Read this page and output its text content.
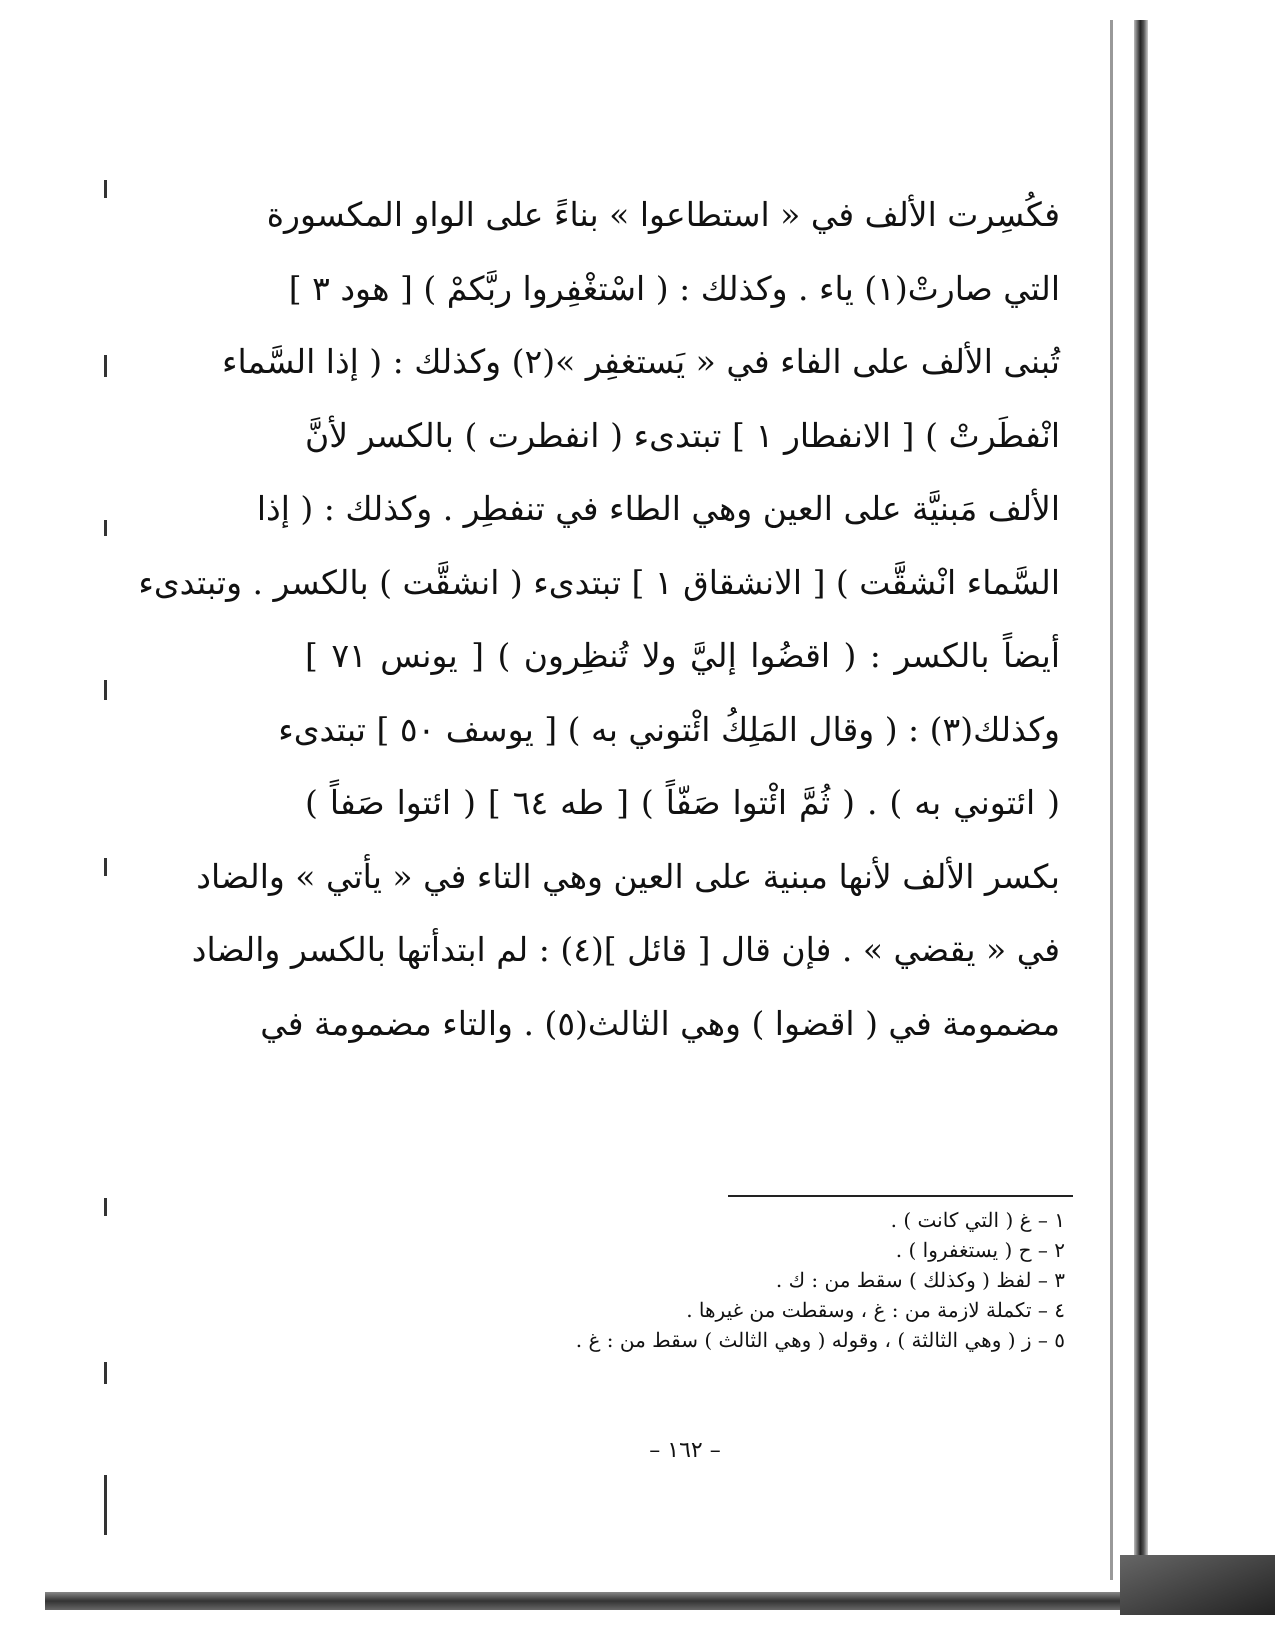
فكُسِرت الألف في « استطاعوا » بناءً على الواو المكسورة
التي صارتْ(١) ياء . وكذلك : ( اسْتغْفِروا ربَّكمْ ) [ هود ٣ ]
تُبنى الألف على الفاء في « يَستغفِر »(٢) وكذلك : ( إذا السَّماء
انْفطَرتْ ) [ الانفطار ١ ] تبتدىء ( انفطرت ) بالكسر لأنَّ
الألف مَبنيَّة على العين وهي الطاء في تنفطِر . وكذلك : ( إذا
السَّماء انْشقَّت ) [ الانشقاق ١ ] تبتدىء ( انشقَّت ) بالكسر . وتبتدىء
أيضاً بالكسر : ( اقضُوا إليَّ ولا تُنظِرون ) [ يونس ٧١ ]
وكذلك(٣) : ( وقال المَلِكُ ائْتوني به ) [ يوسف ٥٠ ] تبتدىء
( ائتوني به ) . ( ثُمَّ ائْتوا صَفّاً ) [ طه ٦٤ ] ( ائتوا صَفاً )
بكسر الألف لأنها مبنية على العين وهي التاء في « يأتي » والضاد
في « يقضي » . فإن قال [ قائل ](٤) : لم ابتدأتها بالكسر والضاد
مضمومة في ( اقضوا ) وهي الثالث(٥) . والتاء مضمومة في
١ – غ ( التي كانت ) .
٢ – ح ( يستغفروا ) .
٣ – لفظ ( وكذلك ) سقط من : ك .
٤ – تكملة لازمة من : غ ، وسقطت من غيرها .
٥ – ز ( وهي الثالثة ) ، وقوله ( وهي الثالث ) سقط من : غ .
– ١٦٢ –
